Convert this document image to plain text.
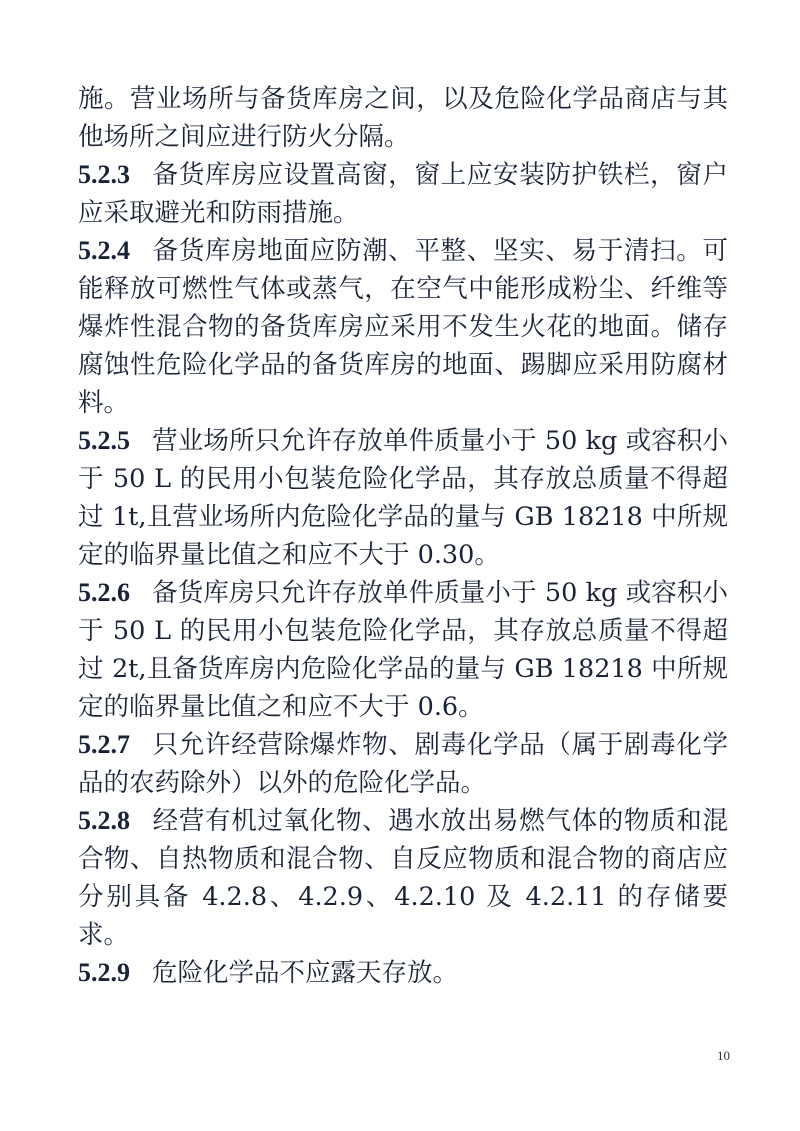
施。营业场所与备货库房之间，以及危险化学品商店与其他场所之间应进行防火分隔。

5.2.3 备货库房应设置高窗，窗上应安装防护铁栏，窗户应采取避光和防雨措施。

5.2.4 备货库房地面应防潮、平整、坚实、易于清扫。可能释放可燃性气体或蒸气，在空气中能形成粉尘、纤维等爆炸性混合物的备货库房应采用不发生火花的地面。储存腐蚀性危险化学品的备货库房的地面、踢脚应采用防腐材料。

5.2.5 营业场所只允许存放单件质量小于 50 kg 或容积小于 50 L 的民用小包装危险化学品，其存放总质量不得超过 1t,且营业场所内危险化学品的量与 GB 18218 中所规定的临界量比值之和应不大于 0.30。

5.2.6 备货库房只允许存放单件质量小于 50 kg 或容积小于 50 L 的民用小包装危险化学品，其存放总质量不得超过 2t,且备货库房内危险化学品的量与 GB 18218 中所规定的临界量比值之和应不大于 0.6。

5.2.7 只允许经营除爆炸物、剧毒化学品（属于剧毒化学品的农药除外）以外的危险化学品。

5.2.8 经营有机过氧化物、遇水放出易燃气体的物质和混合物、自热物质和混合物、自反应物质和混合物的商店应分别具备 4.2.8、4.2.9、4.2.10 及 4.2.11 的存储要求。

5.2.9 危险化学品不应露天存放。

10
